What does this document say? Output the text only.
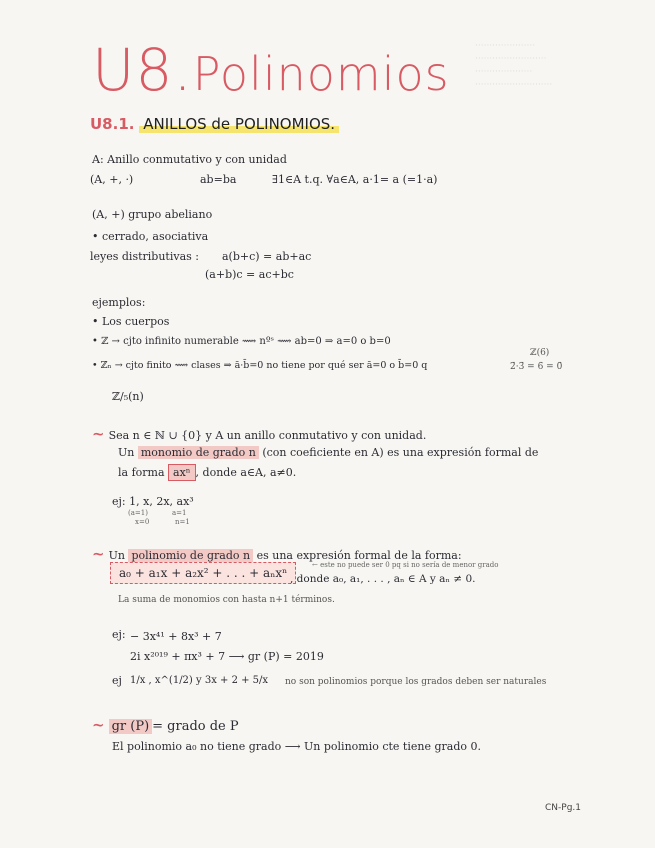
·····················
·························
····················
···························
U8.Polinomios
U8.1. ANILLOS de POLINOMIOS.
A: Anillo conmutativo y con unidad
(A, +, ·)	ab=ba	∃1∈A t.q. ∀a∈A, a·1= a (=1·a)
(A, +) grupo abeliano
• cerrado, asociativa
leyes distributivas : a(b+c) = ab+ac
(a+b)c = ac+bc
ejemplos:
• Los cuerpos
• ℤ → cjto infinito numerable ⟿ nºˢ ⟿ ab=0 ⇒ a=0 o b=0
• ℤₙ → cjto finito ⟿ clases ⇒ ā·b̄=0 no tiene por qué ser ā=0 o b̄=0 q
ℤ(6)
2̄·3̄ = 6̄ = 0̄
ℤ/₅(n)
~ Sea n ∈ ℕ ∪ {0} y A un anillo conmutativo y con unidad.
Un monomio de grado n (con coeficiente en A) es una expresión formal de
la forma axⁿ , donde a∈A, a≠0.
ej: 1, x, 2x, ax³
(a=1)	a=1
x=0	n=1
~ Un polinomio de grado n es una expresión formal de la forma:
← este no puede ser 0 pq si no sería de menor grado
a₀ + a₁x + a₂x² + . . . + aₙxⁿ , donde a₀, a₁, . . . , aₙ ∈ A y aₙ ≠ 0.
La suma de monomios con hasta n+1 términos.
ej: − 3x⁴¹ + 8x³ + 7
2i x²⁰¹⁹ + πx³ + 7 ⟶ gr (P) = 2019
ej 1/x , x^(1/2) y 3x + 2 + 5/x no son polinomios porque los grados deben ser naturales
~ gr (P) = grado de P
El polinomio a₀ no tiene grado ⟶ Un polinomio cte tiene grado 0.
CN-Pg.1
